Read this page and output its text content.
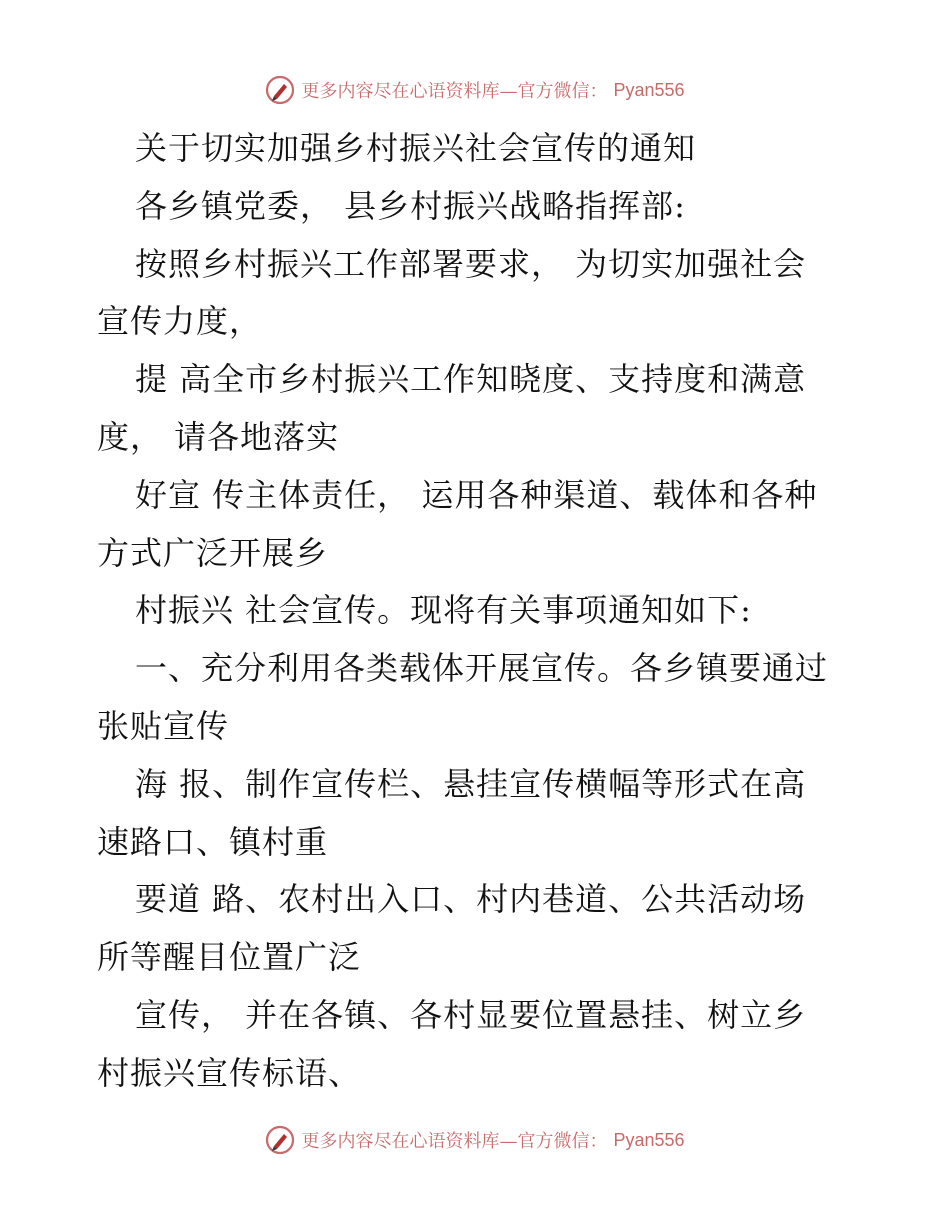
更多内容尽在心语资料库—官方微信： Pyan556
关于切实加强乡村振兴社会宣传的通知
各乡镇党委， 县乡村振兴战略指挥部:
按照乡村振兴工作部署要求， 为切实加强社会
宣传力度，
提 高全市乡村振兴工作知晓度、支持度和满意
度， 请各地落实
好宣 传主体责任， 运用各种渠道、载体和各种
方式广泛开展乡
村振兴 社会宣传。现将有关事项通知如下:
一、充分利用各类载体开展宣传。各乡镇要通过
张贴宣传
海 报、制作宣传栏、悬挂宣传横幅等形式在高
速路口、镇村重
要道 路、农村出入口、村内巷道、公共活动场
所等醒目位置广泛
宣传， 并在各镇、各村显要位置悬挂、树立乡
村振兴宣传标语、
更多内容尽在心语资料库—官方微信： Pyan556
